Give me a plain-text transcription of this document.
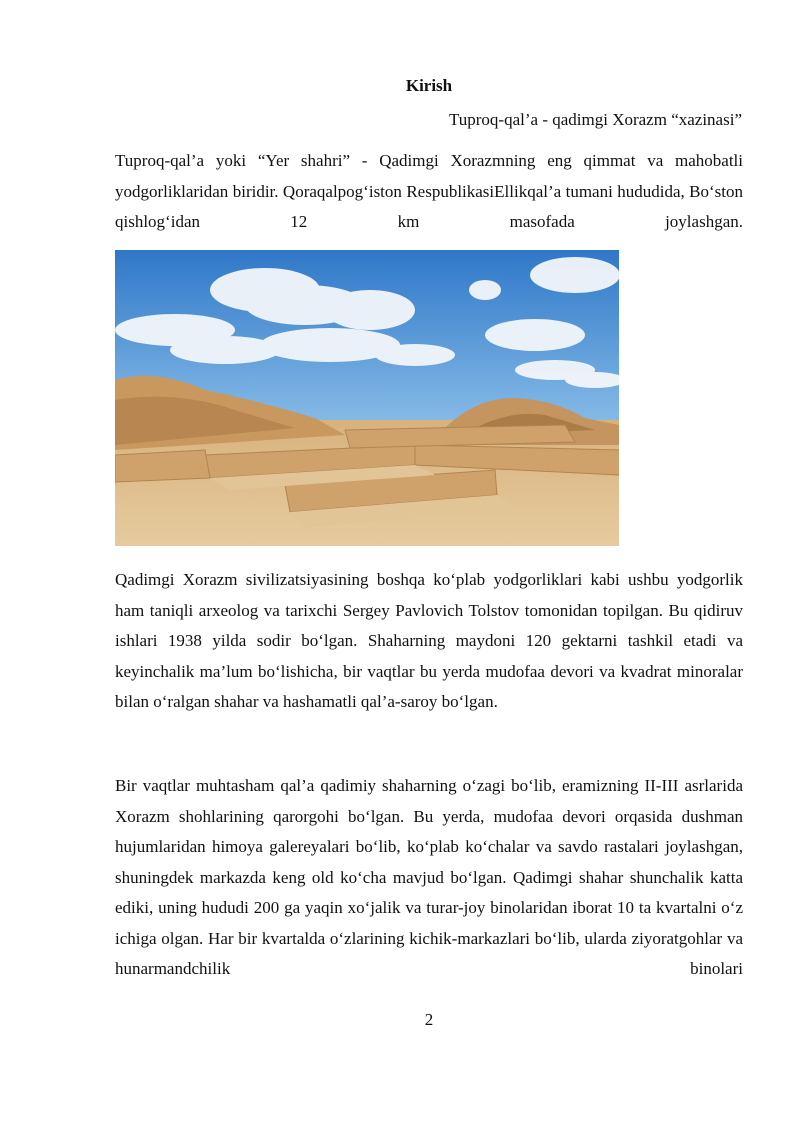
Kirish
Tuproq-qal’a - qadimgi Xorazm “xazinasi”

Tuproq-qal’a yoki “Yer shahri” - Qadimgi Xorazmning eng qimmat va mahobatli yodgorliklaridan biridir. Qoraqalpog‘iston RespublikasiEllikqal’a tumani hududida, Bo‘ston qishlog‘idan 12 km masofada joylashgan.

Qadimgi Xorazm sivilizatsiyasining boshqa ko‘plab yodgorliklari kabi ushbu yodgorlik ham taniqli arxeolog va tarixchi Sergey Pavlovich Tolstov tomonidan topilgan. Bu qidiruv ishlari 1938 yilda sodir bo‘lgan. Shaharning maydoni 120 gektarni tashkil etadi va keyinchalik ma’lum bo‘lishicha, bir vaqtlar bu yerda mudofaa devori va kvadrat minoralar bilan o‘ralgan shahar va hashamatli qal’a-saroy bo‘lgan.

Bir vaqtlar muhtasham qal’a qadimiy shaharning o‘zagi bo‘lib, eramizning II-III asrlarida Xorazm shohlarining qarorgohi bo‘lgan. Bu yerda, mudofaa devori orqasida dushman hujumlaridan himoya galereyalari bo‘lib, ko‘plab ko‘chalar va savdo rastalari joylashgan, shuningdek markazda keng old ko‘cha mavjud bo‘lgan. Qadimgi shahar shunchalik katta ediki, uning hududi 200 ga yaqin xo‘jalik va turar-joy binolaridan iborat 10 ta kvartalni o‘z ichiga olgan. Har bir kvartalda o‘zlarining kichik-markazlari bo‘lib, ularda ziyoratgohlar va hunarmandchilik binolari

2
